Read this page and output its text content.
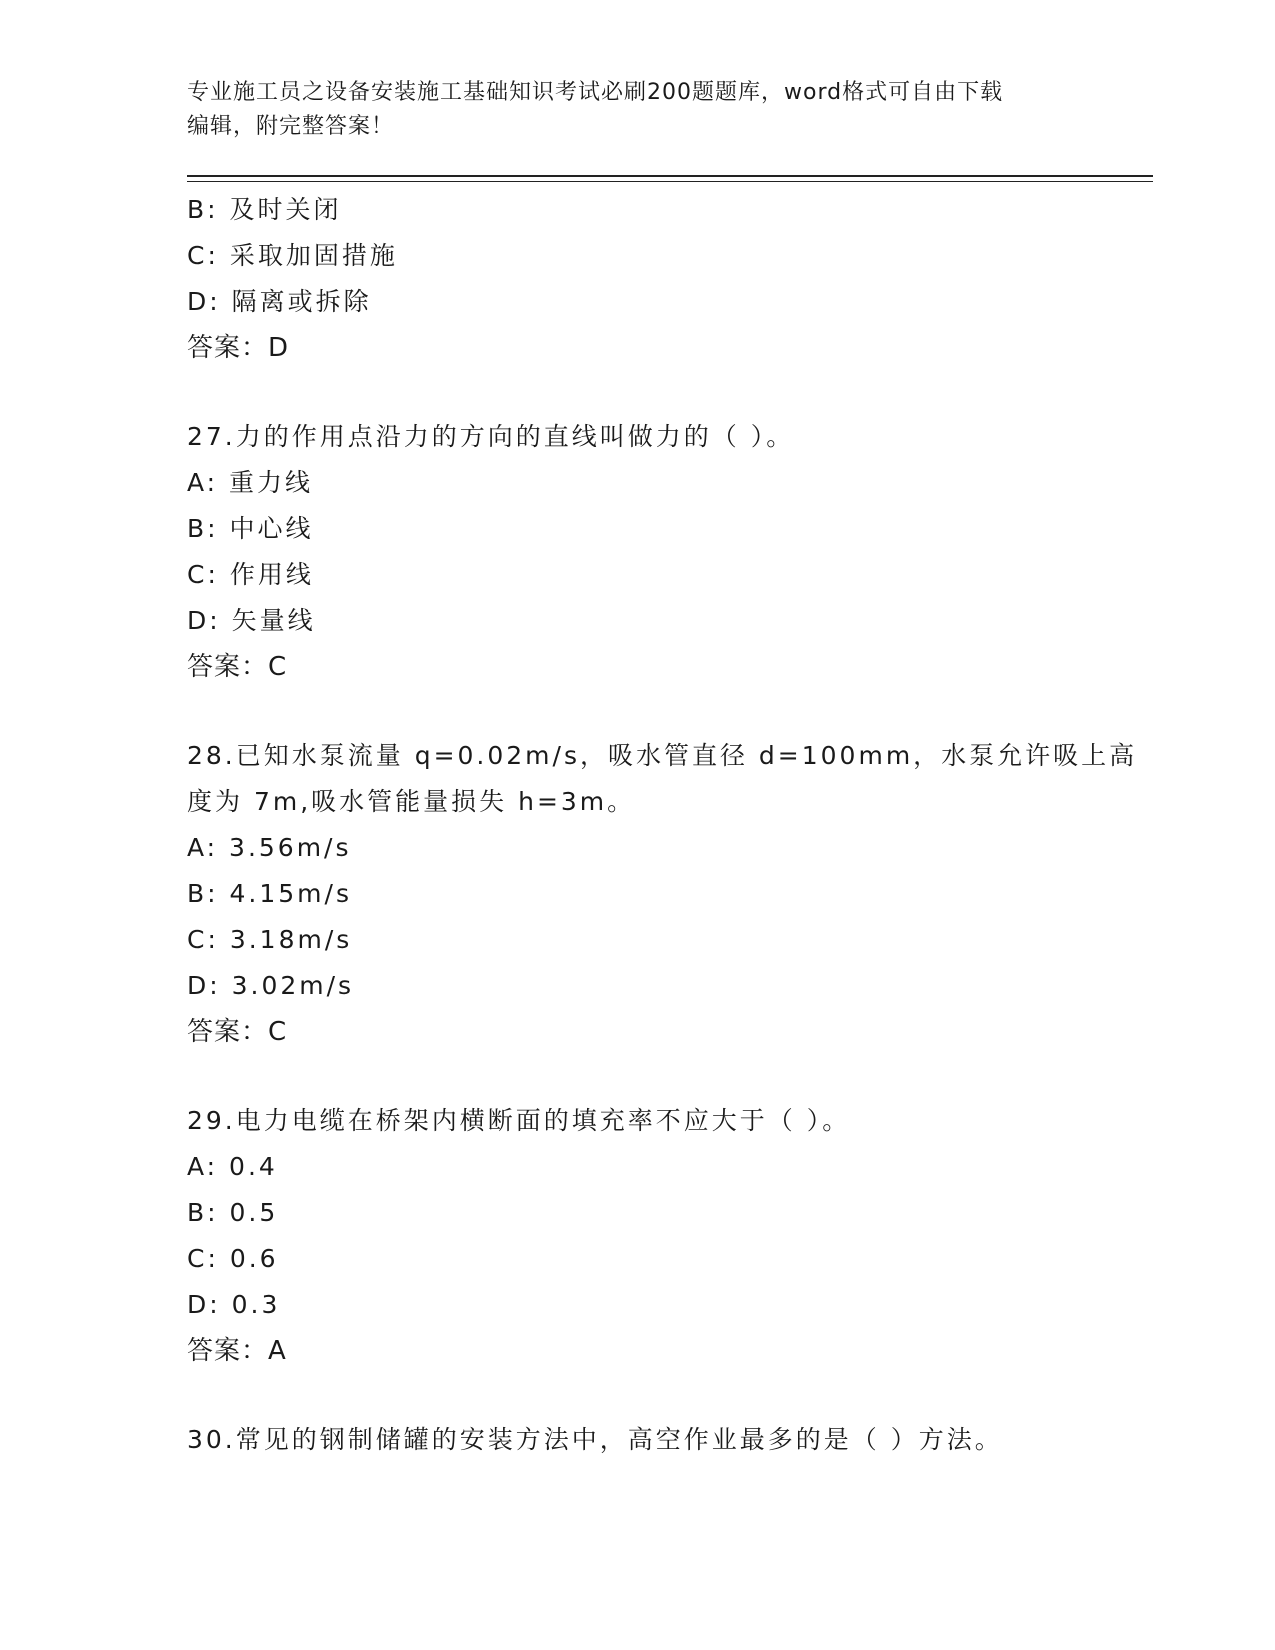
专业施工员之设备安装施工基础知识考试必刷200题题库，word格式可自由下载
编辑，附完整答案！
B: 及时关闭
C: 采取加固措施
D: 隔离或拆除
答案：D
27.力的作用点沿力的方向的直线叫做力的（ ）。
A: 重力线
B: 中心线
C: 作用线
D: 矢量线
答案：C
28.已知水泵流量 q=0.02m/s，吸水管直径 d=100mm，水泵允许吸上高
度为 7m,吸水管能量损失 h=3m。
A: 3.56m/s
B: 4.15m/s
C: 3.18m/s
D: 3.02m/s
答案：C
29.电力电缆在桥架内横断面的填充率不应大于（ ）。
A: 0.4
B: 0.5
C: 0.6
D: 0.3
答案：A
30.常见的钢制储罐的安装方法中，高空作业最多的是（ ）方法。
